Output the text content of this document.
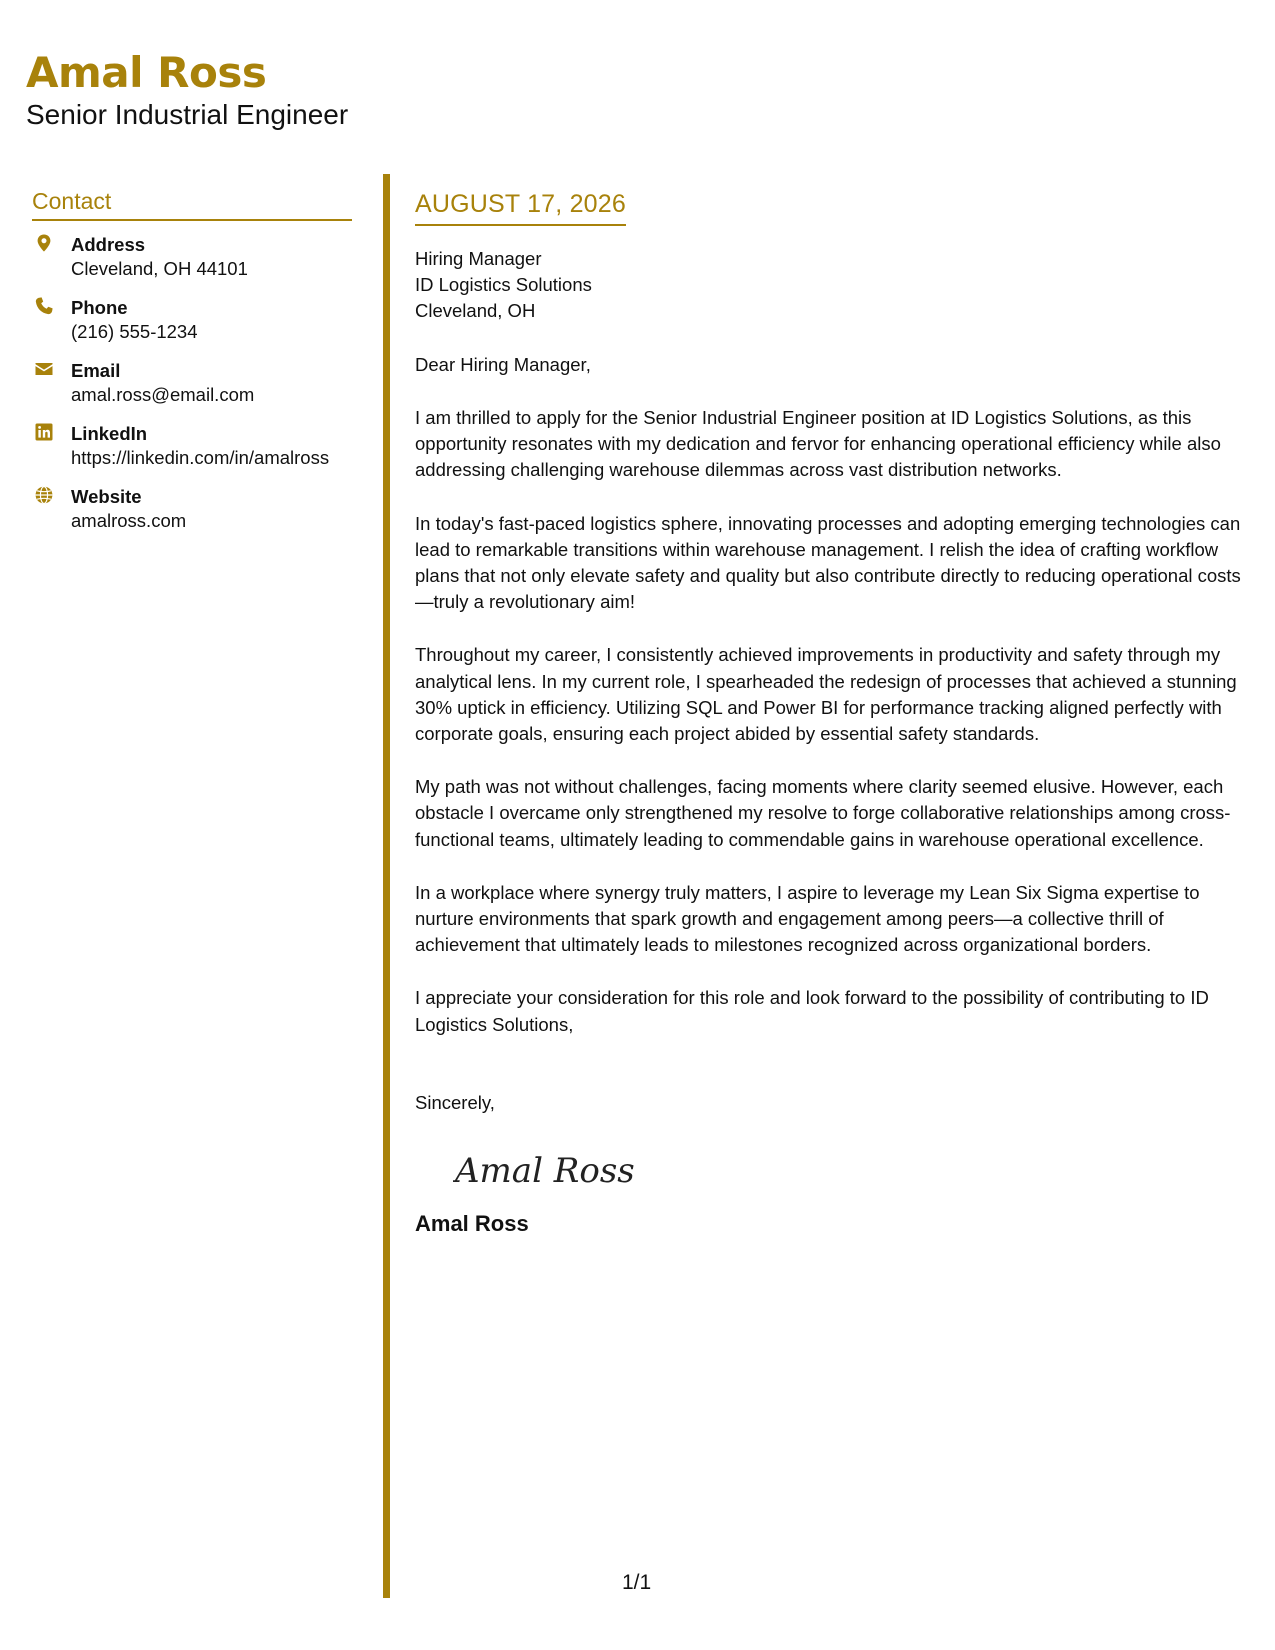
Amal Ross
Senior Industrial Engineer
Contact
Address
Cleveland, OH 44101
Phone
(216) 555-1234
Email
amal.ross@email.com
LinkedIn
https://linkedin.com/in/amalross
Website
amalross.com
AUGUST 17, 2026
Hiring Manager
ID Logistics Solutions
Cleveland, OH
Dear Hiring Manager,
I am thrilled to apply for the Senior Industrial Engineer position at ID Logistics Solutions, as this opportunity resonates with my dedication and fervor for enhancing operational efficiency while also addressing challenging warehouse dilemmas across vast distribution networks.
In today's fast-paced logistics sphere, innovating processes and adopting emerging technologies can lead to remarkable transitions within warehouse management. I relish the idea of crafting workflow plans that not only elevate safety and quality but also contribute directly to reducing operational costs—truly a revolutionary aim!
Throughout my career, I consistently achieved improvements in productivity and safety through my analytical lens. In my current role, I spearheaded the redesign of processes that achieved a stunning 30% uptick in efficiency. Utilizing SQL and Power BI for performance tracking aligned perfectly with corporate goals, ensuring each project abided by essential safety standards.
My path was not without challenges, facing moments where clarity seemed elusive. However, each obstacle I overcame only strengthened my resolve to forge collaborative relationships among cross-functional teams, ultimately leading to commendable gains in warehouse operational excellence.
In a workplace where synergy truly matters, I aspire to leverage my Lean Six Sigma expertise to nurture environments that spark growth and engagement among peers—a collective thrill of achievement that ultimately leads to milestones recognized across organizational borders.
I appreciate your consideration for this role and look forward to the possibility of contributing to ID Logistics Solutions,
Sincerely,
Amal Ross
Amal Ross
1/1
